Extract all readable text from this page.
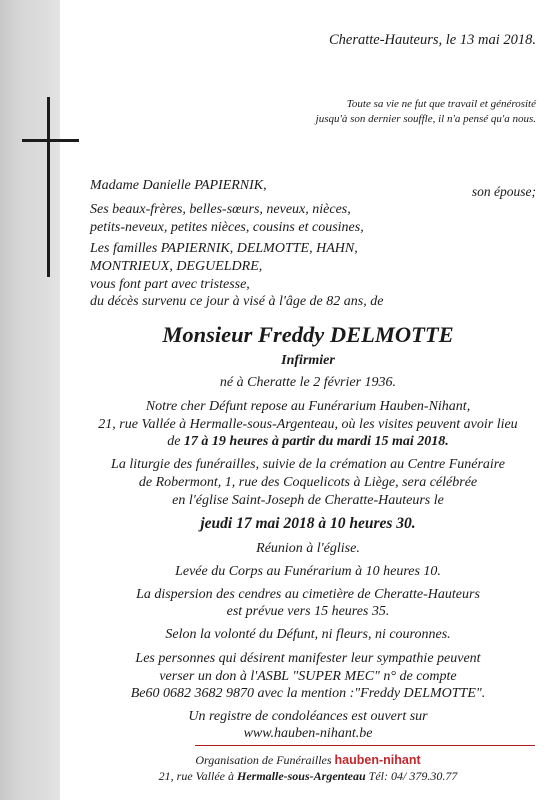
Cheratte-Hauteurs, le 13 mai 2018.
Toute sa vie ne fut que travail et générosité
jusqu'à son dernier souffle, il n'a pensé qu'a nous.
Madame Danielle PAPIERNIK,	son épouse;
Ses beaux-frères, belles-sœurs, neveux, nièces,
petits-neveux, petites nièces, cousins et cousines,
Les familles PAPIERNIK, DELMOTTE, HAHN,
MONTRIEUX, DEGUELDRE,
vous font part avec tristesse,
du décès survenu ce jour à visé à l'âge de 82 ans, de
Monsieur Freddy DELMOTTE
Infirmier
né à Cheratte le 2 février 1936.
Notre cher Défunt repose au Funérarium Hauben-Nihant,
21, rue Vallée à Hermalle-sous-Argenteau, où les visites peuvent avoir lieu
de 17 à 19 heures à partir du mardi 15 mai 2018.
La liturgie des funérailles, suivie de la crémation au Centre Funéraire
de Robermont, 1, rue des Coquelicots à Liège, sera célébrée
en l'église Saint-Joseph de Cheratte-Hauteurs le
jeudi 17 mai 2018 à 10 heures 30.
Réunion à l'église.
Levée du Corps au Funérarium à 10 heures 10.
La dispersion des cendres au cimetière de Cheratte-Hauteurs
est prévue vers 15 heures 35.
Selon la volonté du Défunt, ni fleurs, ni couronnes.
Les personnes qui désirent manifester leur sympathie peuvent
verser un don à l'ASBL "SUPER MEC" n° de compte
Be60 0682 3682 9870 avec la mention :"Freddy DELMOTTE".
Un registre de condoléances est ouvert sur
www.hauben-nihant.be
Organisation de Funérailles hauben-nihant
21, rue Vallée à Hermalle-sous-Argenteau Tél: 04/ 379.30.77
